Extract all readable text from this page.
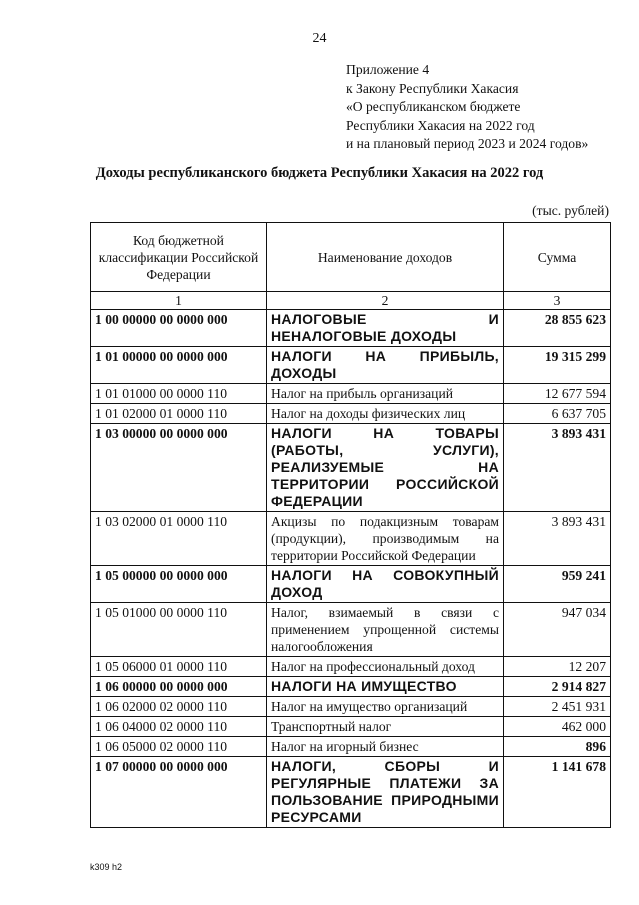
24
Приложение 4
к Закону Республики Хакасия
«О республиканском бюджете
Республики Хакасия на 2022 год
и на плановый период 2023 и 2024 годов»
Доходы республиканского бюджета Республики Хакасия на 2022 год
(тыс. рублей)
Код бюджетной классификации Российской Федерации	Наименование доходов	Сумма
1	2	3
1 00 00000 00 0000 000	НАЛОГОВЫЕ И НЕНАЛОГОВЫЕ ДОХОДЫ	28 855 623
1 01 00000 00 0000 000	НАЛОГИ НА ПРИБЫЛЬ, ДОХОДЫ	19 315 299
1 01 01000 00 0000 110	Налог на прибыль организаций	12 677 594
1 01 02000 01 0000 110	Налог на доходы физических лиц	6 637 705
1 03 00000 00 0000 000	НАЛОГИ НА ТОВАРЫ (РАБОТЫ, УСЛУГИ), РЕАЛИЗУЕМЫЕ НА ТЕРРИТОРИИ РОССИЙСКОЙ ФЕДЕРАЦИИ	3 893 431
1 03 02000 01 0000 110	Акцизы по подакцизным товарам (продукции), производимым на территории Российской Федерации	3 893 431
1 05 00000 00 0000 000	НАЛОГИ НА СОВОКУПНЫЙ ДОХОД	959 241
1 05 01000 00 0000 110	Налог, взимаемый в связи с применением упрощенной системы налогообложения	947 034
1 05 06000 01 0000 110	Налог на профессиональный доход	12 207
1 06 00000 00 0000 000	НАЛОГИ НА ИМУЩЕСТВО	2 914 827
1 06 02000 02 0000 110	Налог на имущество организаций	2 451 931
1 06 04000 02 0000 110	Транспортный налог	462 000
1 06 05000 02 0000 110	Налог на игорный бизнес	896
1 07 00000 00 0000 000	НАЛОГИ, СБОРЫ И РЕГУЛЯРНЫЕ ПЛАТЕЖИ ЗА ПОЛЬЗОВАНИЕ ПРИРОДНЫМИ РЕСУРСАМИ	1 141 678
k309 h2
